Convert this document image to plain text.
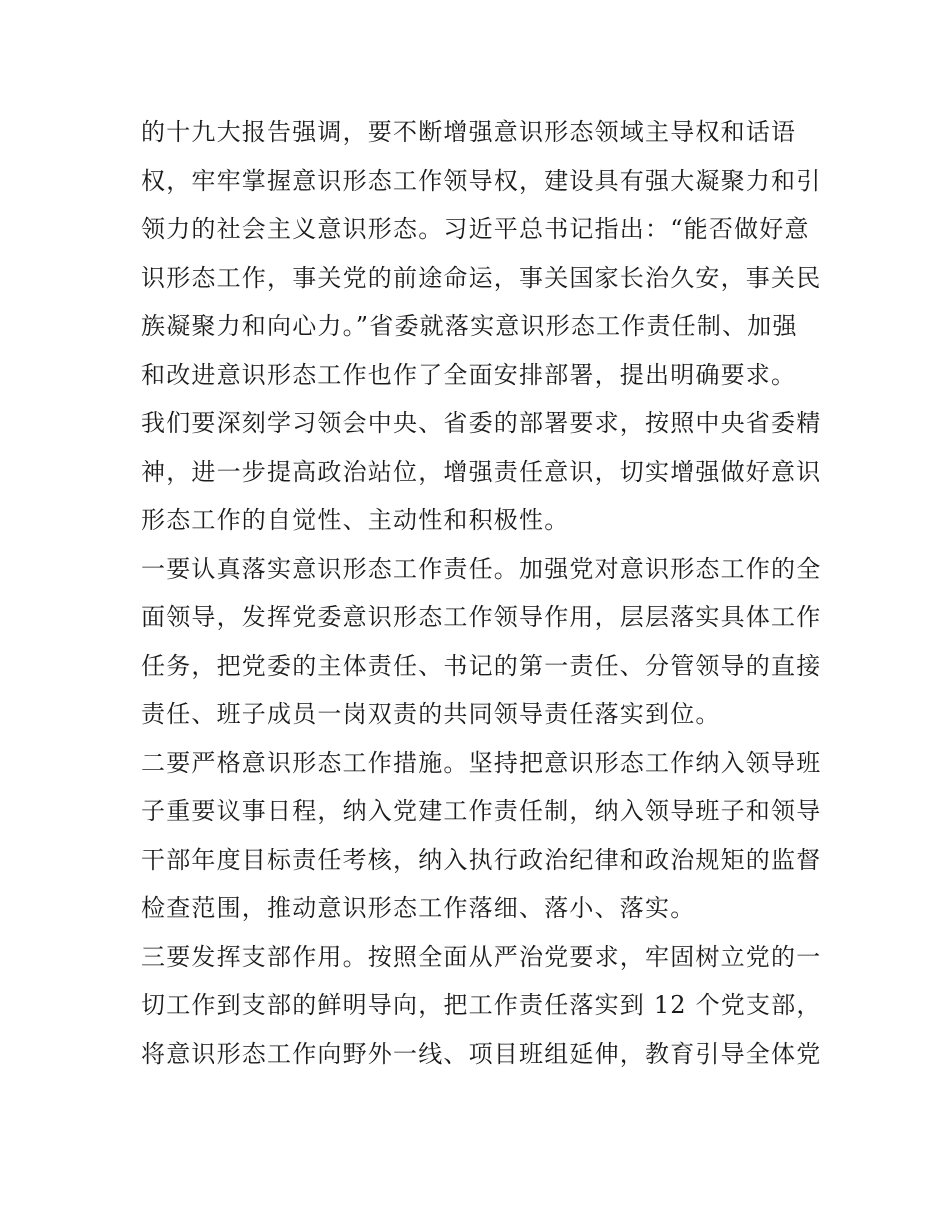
的十九大报告强调，要不断增强意识形态领域主导权和话语
权，牢牢掌握意识形态工作领导权，建设具有强大凝聚力和引
领力的社会主义意识形态。习近平总书记指出：“能否做好意
识形态工作，事关党的前途命运，事关国家长治久安，事关民
族凝聚力和向心力。”省委就落实意识形态工作责任制、加强
和改进意识形态工作也作了全面安排部署，提出明确要求。
我们要深刻学习领会中央、省委的部署要求，按照中央省委精
神，进一步提高政治站位，增强责任意识，切实增强做好意识
形态工作的自觉性、主动性和积极性。
一要认真落实意识形态工作责任。加强党对意识形态工作的全
面领导，发挥党委意识形态工作领导作用，层层落实具体工作
任务，把党委的主体责任、书记的第一责任、分管领导的直接
责任、班子成员一岗双责的共同领导责任落实到位。
二要严格意识形态工作措施。坚持把意识形态工作纳入领导班
子重要议事日程，纳入党建工作责任制，纳入领导班子和领导
干部年度目标责任考核，纳入执行政治纪律和政治规矩的监督
检查范围，推动意识形态工作落细、落小、落实。
三要发挥支部作用。按照全面从严治党要求，牢固树立党的一
切工作到支部的鲜明导向，把工作责任落实到 12 个党支部，
将意识形态工作向野外一线、项目班组延伸，教育引导全体党
